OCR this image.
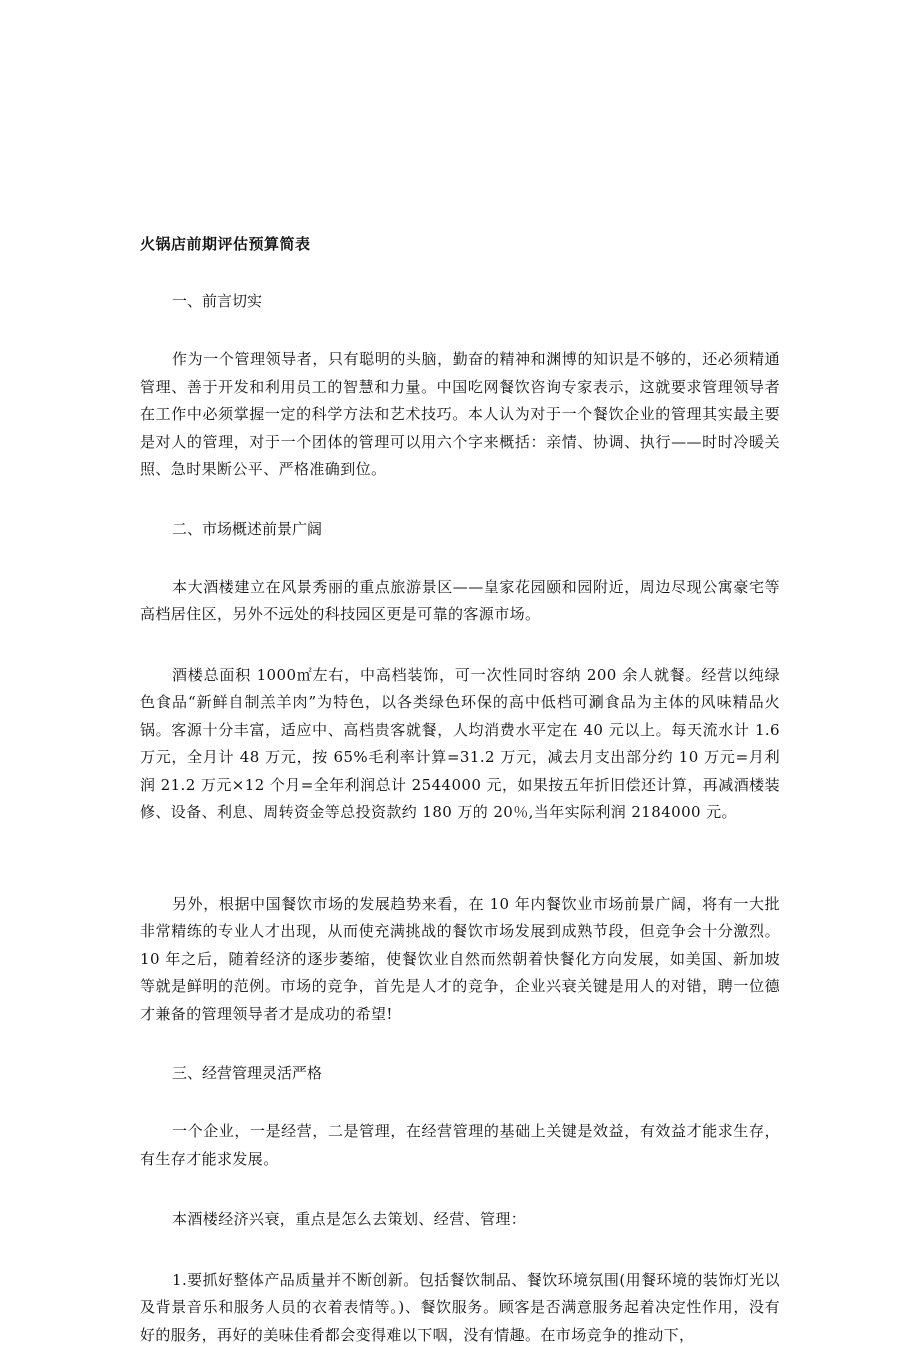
火锅店前期评估预算简表
一、前言切实

作为一个管理领导者，只有聪明的头脑，勤奋的精神和渊博的知识是不够的，还必须精通管理、善于开发和利用员工的智慧和力量。中国吃网餐饮咨询专家表示，这就要求管理领导者在工作中必须掌握一定的科学方法和艺术技巧。本人认为对于一个餐饮企业的管理其实最主要是对人的管理，对于一个团体的管理可以用六个字来概括：亲情、协调、执行——时时冷暖关照、急时果断公平、严格准确到位。

二、市场概述前景广阔

本大酒楼建立在风景秀丽的重点旅游景区——皇家花园颐和园附近，周边尽现公寓豪宅等高档居住区，另外不远处的科技园区更是可靠的客源市场。

酒楼总面积 1000㎡左右，中高档装饰，可一次性同时容纳 200 余人就餐。经营以纯绿色食品“新鲜自制羔羊肉”为特色，以各类绿色环保的高中低档可涮食品为主体的风味精品火锅。客源十分丰富，适应中、高档贵客就餐，人均消费水平定在 40 元以上。每天流水计 1.6 万元，全月计 48 万元，按 65%毛利率计算=31.2 万元，减去月支出部分约 10 万元=月利润 21.2 万元×12 个月=全年利润总计 2544000 元，如果按五年折旧偿还计算，再减酒楼装修、设备、利息、周转资金等总投资款约 180 万的 20％,当年实际利润 2184000 元。

另外，根据中国餐饮市场的发展趋势来看，在 10 年内餐饮业市场前景广阔，将有一大批非常精练的专业人才出现，从而使充满挑战的餐饮市场发展到成熟节段，但竞争会十分激烈。10 年之后，随着经济的逐步萎缩，使餐饮业自然而然朝着快餐化方向发展，如美国、新加坡等就是鲜明的范例。市场的竞争，首先是人才的竞争，企业兴衰关键是用人的对错，聘一位德才兼备的管理领导者才是成功的希望!

三、经营管理灵活严格

一个企业，一是经营，二是管理，在经营管理的基础上关键是效益，有效益才能求生存，有生存才能求发展。

本酒楼经济兴衰，重点是怎么去策划、经营、管理：

1.要抓好整体产品质量并不断创新。包括餐饮制品、餐饮环境氛围(用餐环境的装饰灯光以及背景音乐和服务人员的衣着表情等。)、餐饮服务。顾客是否满意服务起着决定性作用，没有好的服务，再好的美味佳肴都会变得难以下咽，没有情趣。在市场竞争的推动下，
